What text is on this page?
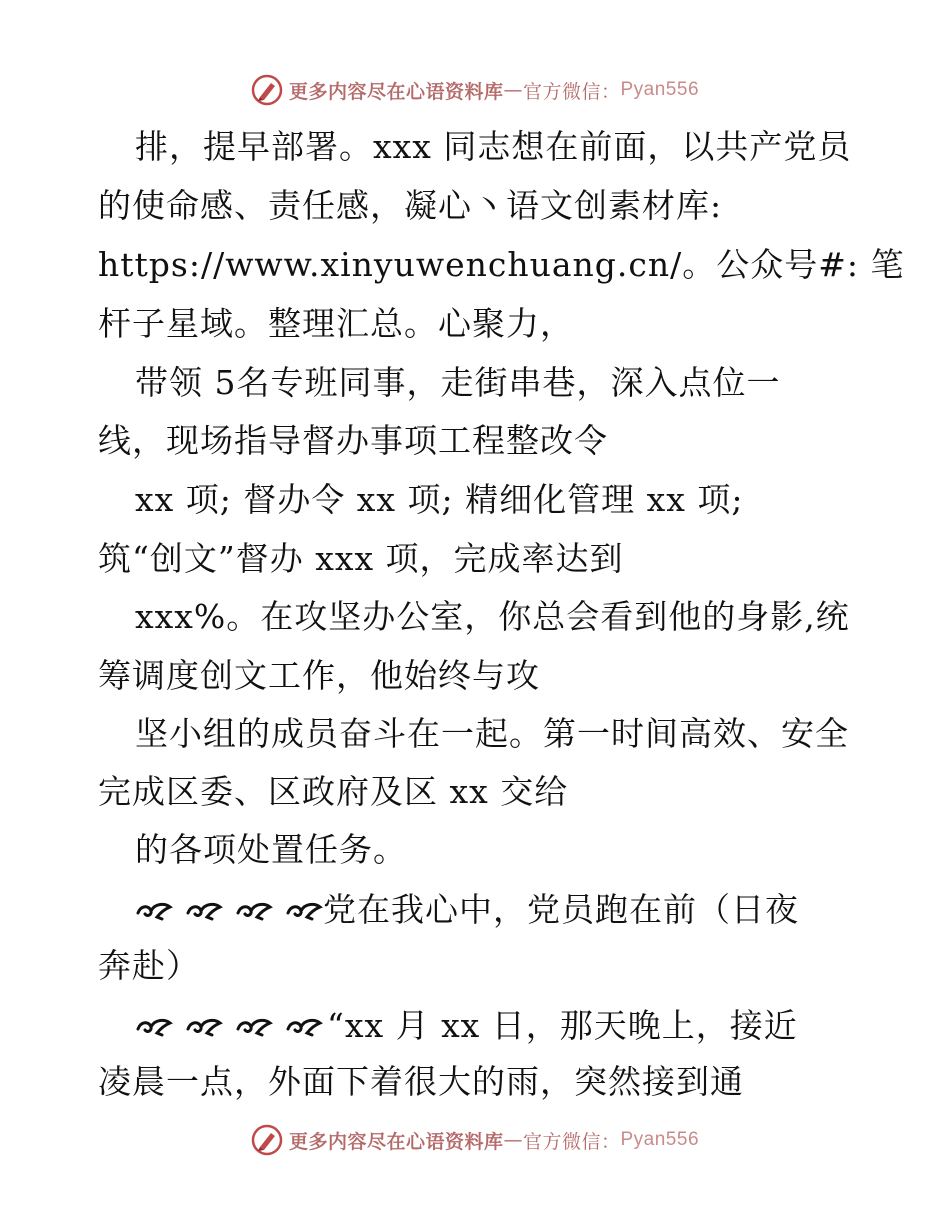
更多内容尽在心语资料库 — 官方微信： Pyan556
排，提早部署。xxx 同志想在前面，以共产党员
的使命感、责任感，凝心丶语文创素材库:
https://www.xinyuwenchuang.cn/。公众号#: 笔
杆子星域。整理汇总。心聚力，
带领 5名专班同事，走街串巷，深入点位一
线，现场指导督办事项工程整改令
xx 项; 督办令 xx 项; 精细化管理 xx 项;
筑“创文”督办 xxx 项，完成率达到
xxx%。在攻坚办公室，你总会看到他的身影,统
筹调度创文工作，他始终与攻
坚小组的成员奋斗在一起。第一时间高效、安全
完成区委、区政府及区 xx 交给
的各项处置任务。
党在我心中，党员跑在前（日夜
奔赴）
“xx 月 xx 日，那天晚上，接近
凌晨一点，外面下着很大的雨，突然接到通
更多内容尽在心语资料库 — 官方微信： Pyan556
